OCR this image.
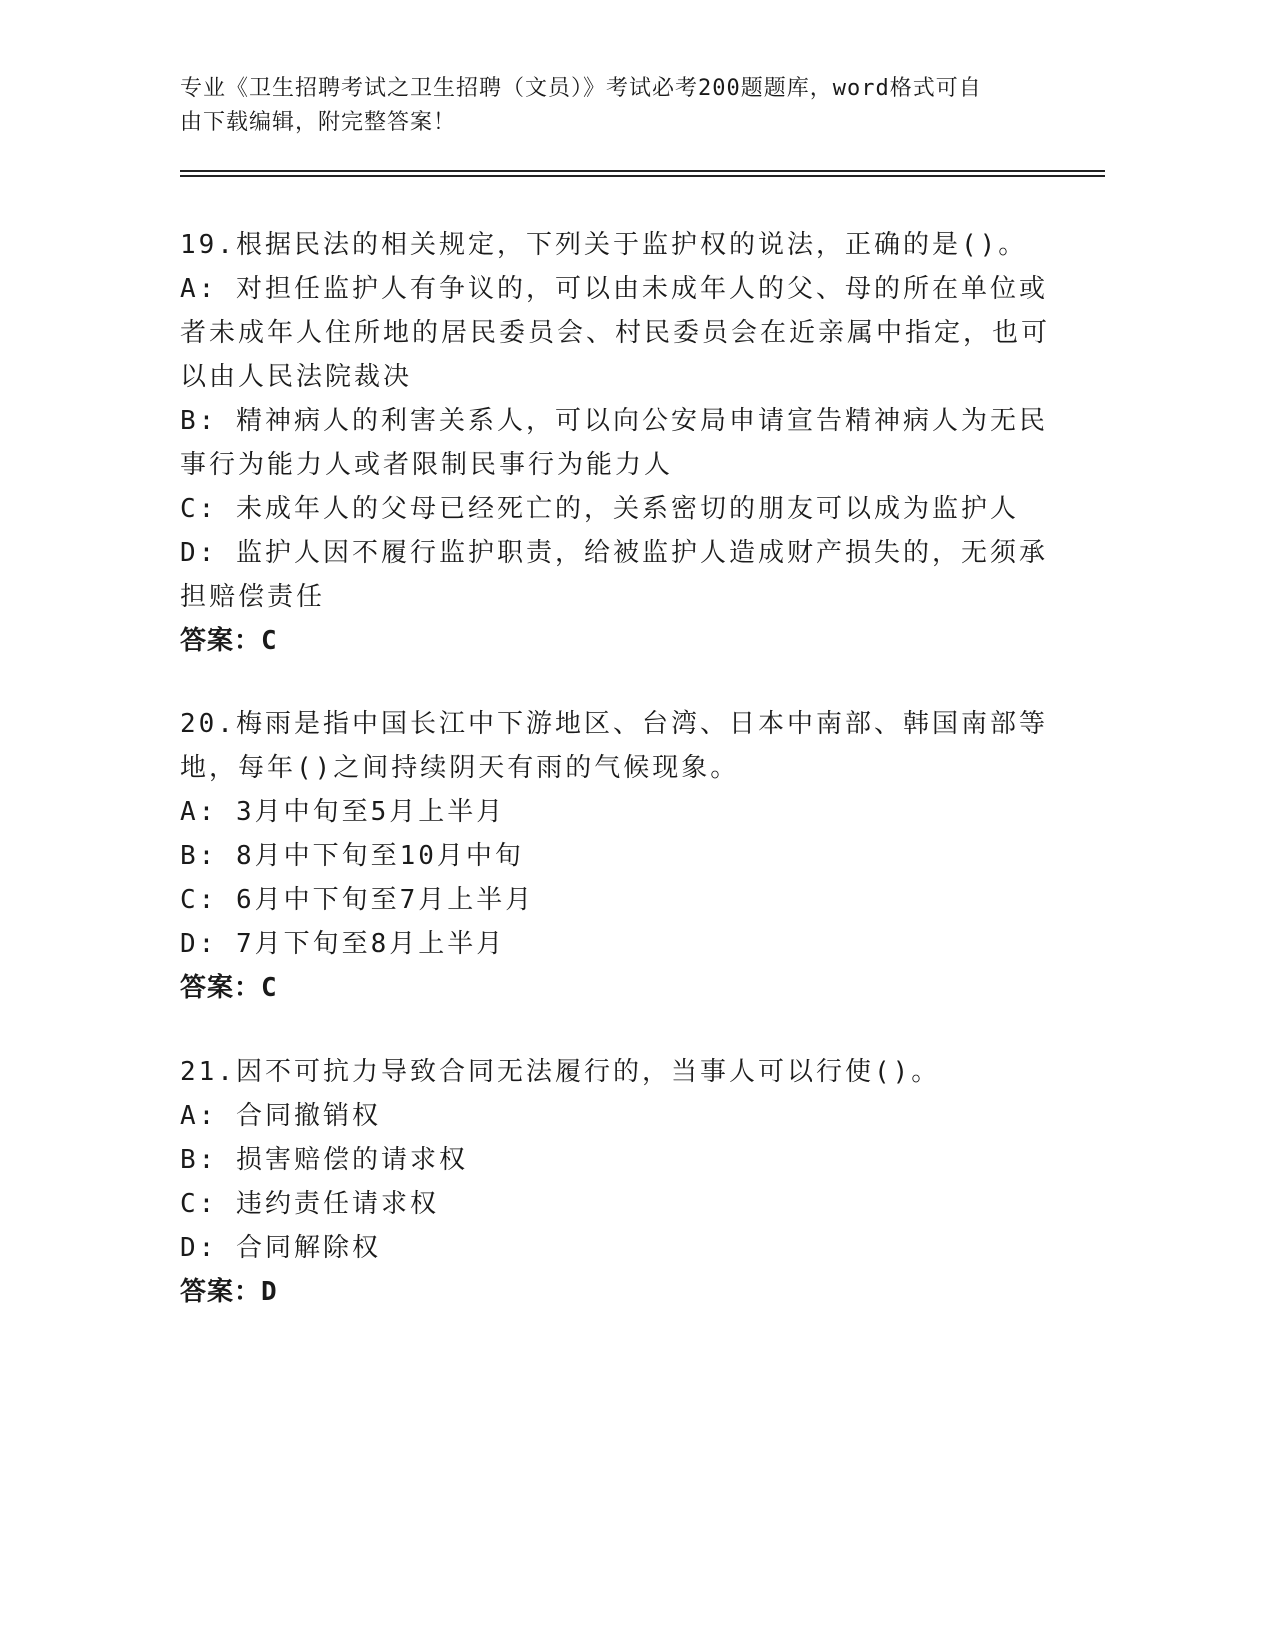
专业《卫生招聘考试之卫生招聘（文员）》考试必考200题题库，word格式可自
由下载编辑，附完整答案！

19.根据民法的相关规定，下列关于监护权的说法，正确的是()。

A: 对担任监护人有争议的，可以由未成年人的父、母的所在单位或者未成年人住所地的居民委员会、村民委员会在近亲属中指定，也可以由人民法院裁决

B: 精神病人的利害关系人，可以向公安局申请宣告精神病人为无民事行为能力人或者限制民事行为能力人

C: 未成年人的父母已经死亡的，关系密切的朋友可以成为监护人

D: 监护人因不履行监护职责，给被监护人造成财产损失的，无须承担赔偿责任

答案：C

20.梅雨是指中国长江中下游地区、台湾、日本中南部、韩国南部等地，每年()之间持续阴天有雨的气候现象。

A: 3月中旬至5月上半月

B: 8月中下旬至10月中旬

C: 6月中下旬至7月上半月

D: 7月下旬至8月上半月

答案：C

21.因不可抗力导致合同无法履行的，当事人可以行使()。

A: 合同撤销权

B: 损害赔偿的请求权

C: 违约责任请求权

D: 合同解除权

答案：D
